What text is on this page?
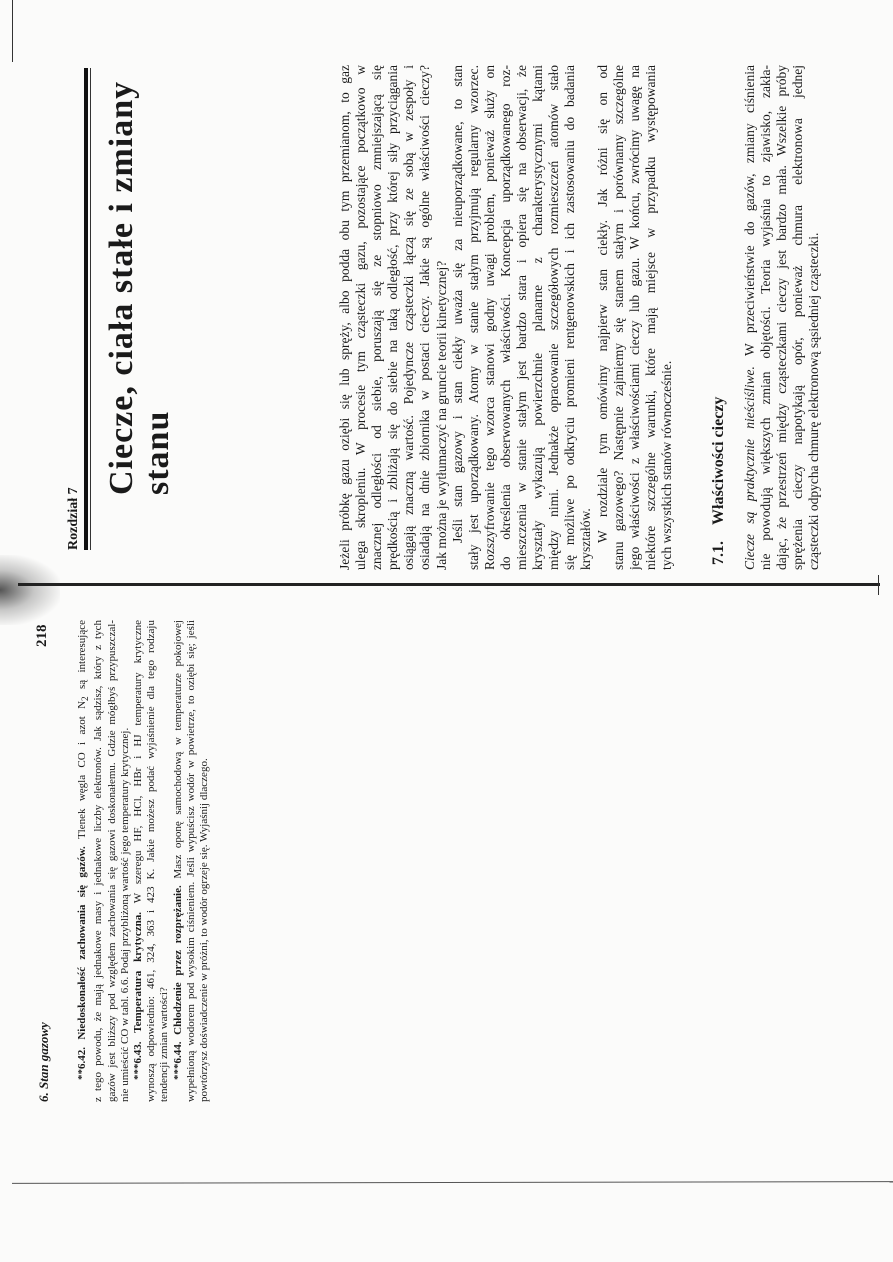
Rozdział 7
Ciecze, ciała stałe i zmiany stanu	Jeżeli próbkę gazu oziębi się lub spręży, albo podda obu tym przemianom, to gaz ulega skropleniu. W procesie tym cząsteczki gazu, pozostające początkowo w znacznej odległości od siebie, poruszają się ze stopniowo zmniejszającą się prędkością i zbliżają się do siebie na taką odległość, przy której siły przyciągania osiągają znaczną wartość. Pojedyncze cząsteczki łączą się ze sobą w zespoły i osiadają na dnie zbiornika w postaci cieczy. Jakie są ogólne właściwości cieczy? Jak można je wytłumaczyć na gruncie teorii kinetycznej? Jeśli stan gazowy i stan ciekły uważa się za nieuporządkowane, to stan stały jest uporządkowany. Atomy w stanie stałym przyjmują regularny wzorzec. Rozszyfrowanie tego wzorca stanowi godny uwagi problem, ponieważ służy on do określenia obserwowanych właściwości. Koncepcja uporządkowanego roz- mieszczenia w stanie stałym jest bardzo stara i opiera się na obserwacji, że kryształy wykazują powierzchnie planarne z charakterystycznymi kątami między nimi. Jednakże opracowanie szczegółowych rozmieszczeń atomów stało się możliwe po odkryciu promieni rentgenowskich i ich zastosowaniu do badania kryształów. W rozdziale tym omówimy najpierw stan ciekły. Jak różni się on od stanu gazowego? Następnie zajmiemy się stanem stałym i porównamy szczególne jego właściwości z właściwościami cieczy lub gazu. W końcu, zwrócimy uwagę na niektóre szczególne warunki, które mają miejsce w przypadku występowania tych wszystkich stanów równocześnie. 7.1.Właściwości cieczy Ciecze są praktycznie nieściśliwe. W przeciwieństwie do gazów, zmiany ciśnienia nie powodują większych zmian objętości. Teoria wyjaśnia to zjawisko, zakła- dając, że przestrzeń między cząsteczkami cieczy jest bardzo mała. Wszelkie próby sprężenia cieczy napotykają opór, ponieważ chmura elektronowa jednej cząsteczki odpycha chmurę elektronową sąsiedniej cząsteczki.
6. Stan gazowy
218
**6.42. Niedoskonałość zachowania się gazów. Tlenek węgla CO i azot $N_2$ są interesujące z tego powodu, że mają jednakowe masy i jednakowe liczby elektronów. Jak sądzisz, który z tych gazów jest bliższy pod względem zachowania się gazowi doskonałemu. Gdzie mógłbyś przypuszczal- nie umieścić CO w tabl. 6.6. Podaj przybliżoną wartość jego temperatury krytycznej. ***6.43. Temperatura krytyczna. W szeregu HF, HCl, HBr i HJ temperatury krytyczne wynoszą odpowiednio: 461, 324, 363 i 423 K. Jakie możesz podać wyjaśnienie dla tego rodzaju tendencji zmian wartości? ***6.44. Chłodzenie przez rozprężanie. Masz oponę samochodową w temperaturze pokojowej wypełnioną wodorem pod wysokim ciśnieniem. Jeśli wypuścisz wodór w powietrze, to oziębi się; jeśli powtórzysz doświadczenie w próżni, to wodór ogrzeje się. Wyjaśnij dlaczego.
